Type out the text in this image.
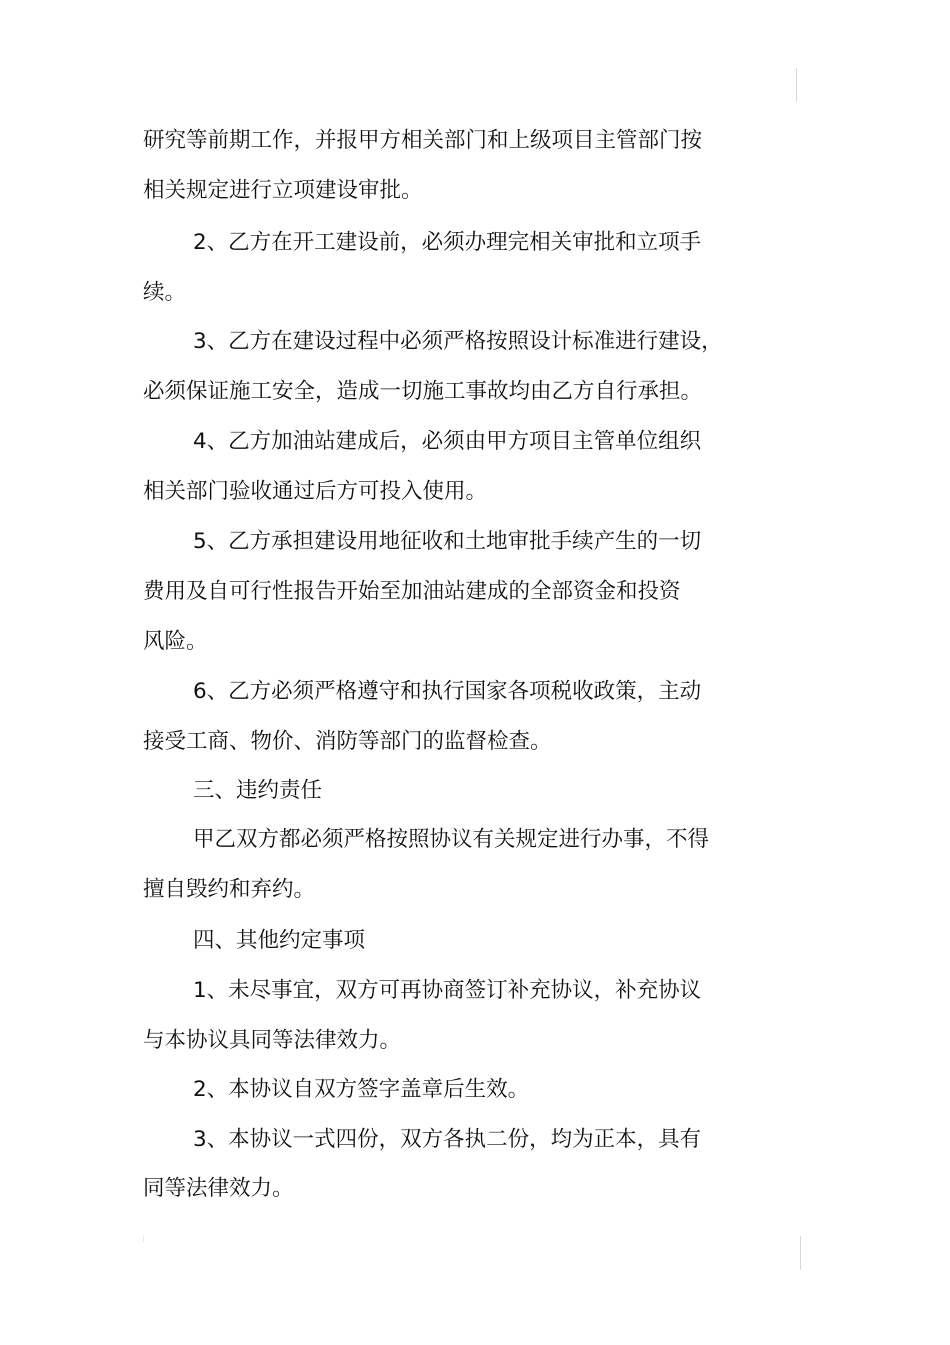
研究等前期工作，并报甲方相关部门和上级项目主管部门按
相关规定进行立项建设审批。
2、乙方在开工建设前，必须办理完相关审批和立项手
续。
3、乙方在建设过程中必须严格按照设计标准进行建设，
必须保证施工安全，造成一切施工事故均由乙方自行承担。
4、乙方加油站建成后，必须由甲方项目主管单位组织
相关部门验收通过后方可投入使用。
5、乙方承担建设用地征收和土地审批手续产生的一切
费用及自可行性报告开始至加油站建成的全部资金和投资
风险。
6、乙方必须严格遵守和执行国家各项税收政策，主动
接受工商、物价、消防等部门的监督检查。
三、违约责任
甲乙双方都必须严格按照协议有关规定进行办事，不得
擅自毁约和弃约。
四、其他约定事项
1、未尽事宜，双方可再协商签订补充协议，补充协议
与本协议具同等法律效力。
2、本协议自双方签字盖章后生效。
3、本协议一式四份，双方各执二份，均为正本，具有
同等法律效力。
